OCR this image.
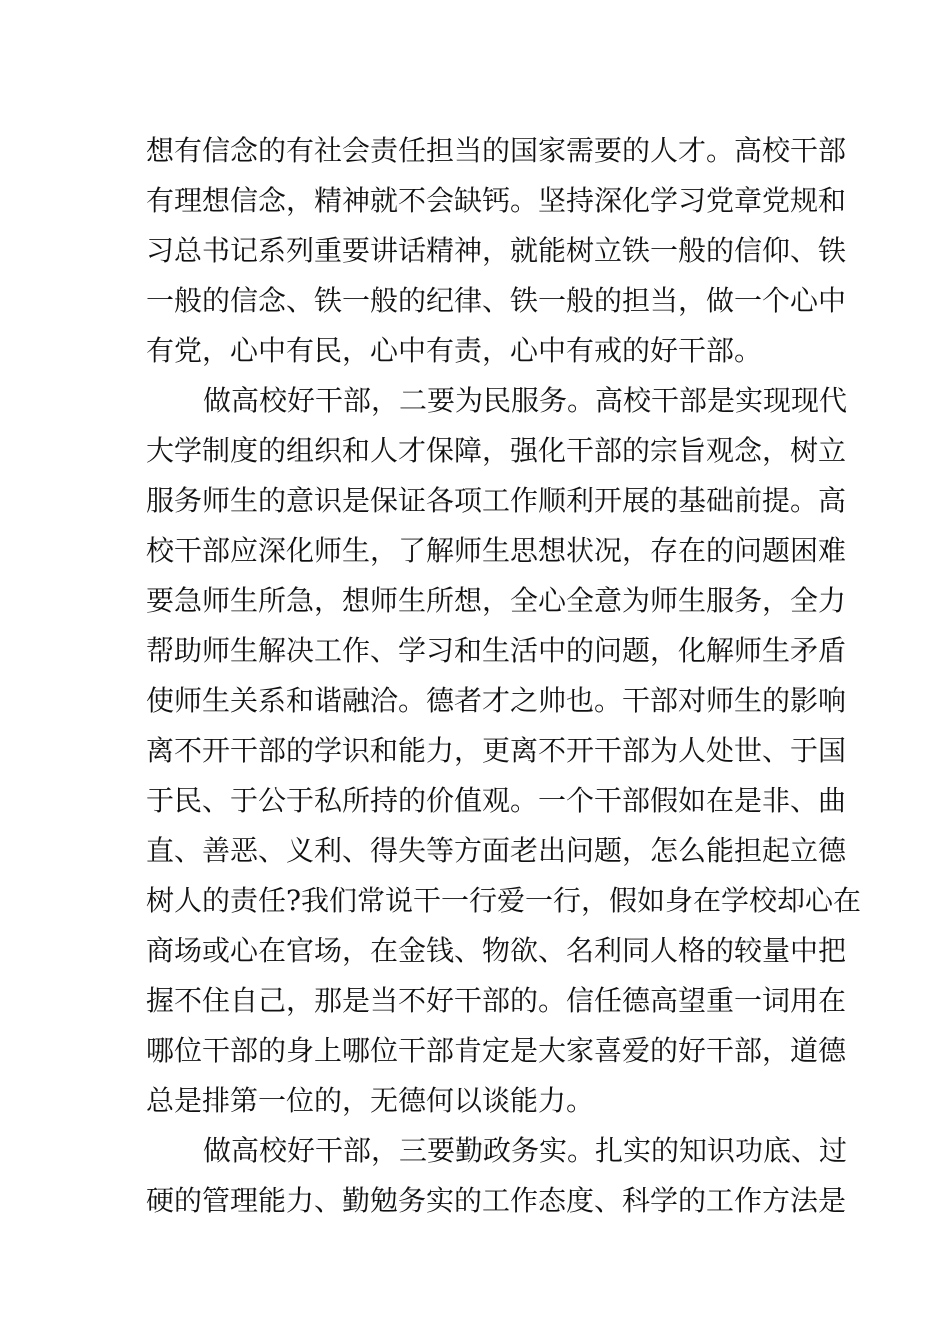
想有信念的有社会责任担当的国家需要的人才。高校干部
有理想信念，精神就不会缺钙。坚持深化学习党章党规和
习总书记系列重要讲话精神，就能树立铁一般的信仰、铁
一般的信念、铁一般的纪律、铁一般的担当，做一个心中
有党，心中有民，心中有责，心中有戒的好干部。
做高校好干部，二要为民服务。高校干部是实现现代
大学制度的组织和人才保障，强化干部的宗旨观念，树立
服务师生的意识是保证各项工作顺利开展的基础前提。高
校干部应深化师生，了解师生思想状况，存在的问题困难
要急师生所急，想师生所想，全心全意为师生服务，全力
帮助师生解决工作、学习和生活中的问题，化解师生矛盾
使师生关系和谐融洽。德者才之帅也。干部对师生的影响
离不开干部的学识和能力，更离不开干部为人处世、于国
于民、于公于私所持的价值观。一个干部假如在是非、曲
直、善恶、义利、得失等方面老出问题，怎么能担起立德
树人的责任?我们常说干一行爱一行，假如身在学校却心在
商场或心在官场，在金钱、物欲、名利同人格的较量中把
握不住自己，那是当不好干部的。信任德高望重一词用在
哪位干部的身上哪位干部肯定是大家喜爱的好干部，道德
总是排第一位的，无德何以谈能力。
做高校好干部，三要勤政务实。扎实的知识功底、过
硬的管理能力、勤勉务实的工作态度、科学的工作方法是
